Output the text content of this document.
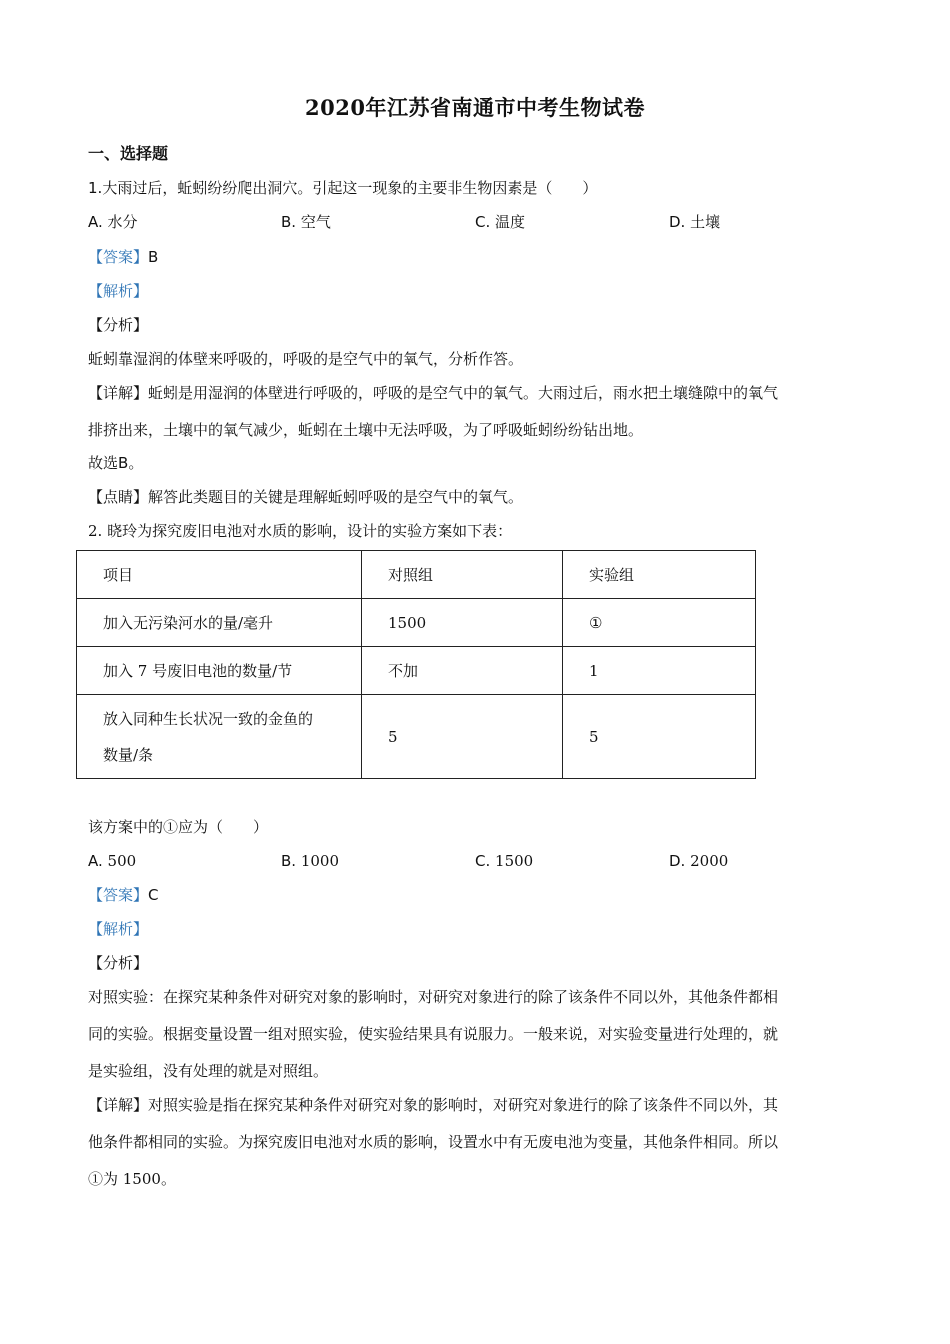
2020年江苏省南通市中考生物试卷
一、选择题
1.大雨过后，蚯蚓纷纷爬出洞穴。引起这一现象的主要非生物因素是（　　）
A. 水分	B. 空气	C. 温度	D. 土壤
【答案】B
【解析】
【分析】
蚯蚓靠湿润的体壁来呼吸的，呼吸的是空气中的氧气，分析作答。
【详解】蚯蚓是用湿润的体壁进行呼吸的，呼吸的是空气中的氧气。大雨过后，雨水把土壤缝隙中的氧气
排挤出来，土壤中的氧气减少，蚯蚓在土壤中无法呼吸，为了呼吸蚯蚓纷纷钻出地。
故选B。
【点睛】解答此类题目的关键是理解蚯蚓呼吸的是空气中的氧气。
2. 晓玲为探究废旧电池对水质的影响，设计的实验方案如下表：
项目	对照组	实验组
加入无污染河水的量/毫升	1500	①
加入 7 号废旧电池的数量/节	不加	1
放入同种生长状况一致的金鱼的
数量/条	5	5
该方案中的①应为（　　）
A. 500	B. 1000	C. 1500	D. 2000
【答案】C
【解析】
【分析】
对照实验：在探究某种条件对研究对象的影响时，对研究对象进行的除了该条件不同以外，其他条件都相
同的实验。根据变量设置一组对照实验，使实验结果具有说服力。一般来说，对实验变量进行处理的，就
是实验组，没有处理的就是对照组。
【详解】对照实验是指在探究某种条件对研究对象的影响时，对研究对象进行的除了该条件不同以外，其
他条件都相同的实验。为探究废旧电池对水质的影响，设置水中有无废电池为变量，其他条件相同。所以
①为 1500。
